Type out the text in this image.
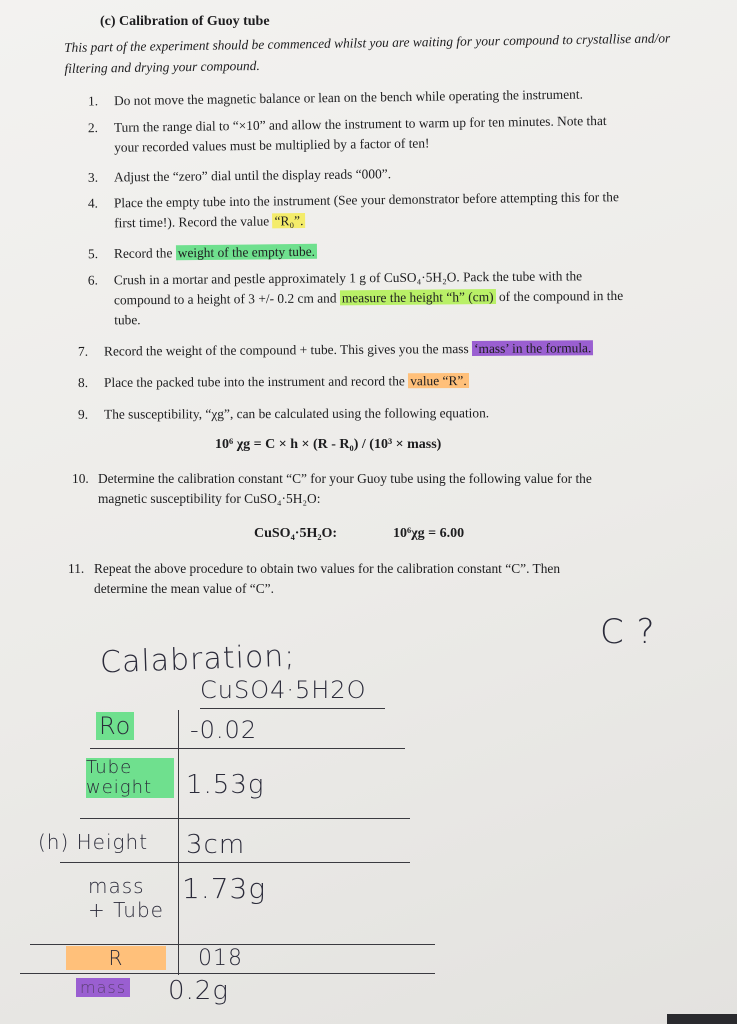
(c) Calibration of Guoy tube
This part of the experiment should be commenced whilst you are waiting for your compound to crystallise and/or filtering and drying your compound.
1. Do not move the magnetic balance or lean on the bench while operating the instrument.
2. Turn the range dial to “×10” and allow the instrument to warm up for ten minutes. Note that
your recorded values must be multiplied by a factor of ten!
3. Adjust the “zero” dial until the display reads “000”.
4. Place the empty tube into the instrument (See your demonstrator before attempting this for the
first time!). Record the value “R₀”.
5. Record the weight of the empty tube.
6. Crush in a mortar and pestle approximately 1 g of CuSO₄·5H₂O. Pack the tube with the
compound to a height of 3 +/- 0.2 cm and measure the height “h” (cm) of the compound in the
tube.
7. Record the weight of the compound + tube. This gives you the mass ‘mass’ in the formula.
8. Place the packed tube into the instrument and record the value “R”.
9. The susceptibility, “χg”, can be calculated using the following equation.
10⁶ χg = C × h × (R - R₀) / (10³ × mass)
10. Determine the calibration constant “C” for your Guoy tube using the following value for the
magnetic susceptibility for CuSO₄·5H₂O:
CuSO₄·5H₂O:	10⁶χg = 6.00
11. Repeat the above procedure to obtain two values for the calibration constant “C”. Then
determine the mean value of “C”.
C ?
Calabration;
CuSO4·5H2O
Ro -0.02
Tube weight	1.53g
(h) Height 3cm
mass + Tube
1.73g
R	018
mass 0.2g
